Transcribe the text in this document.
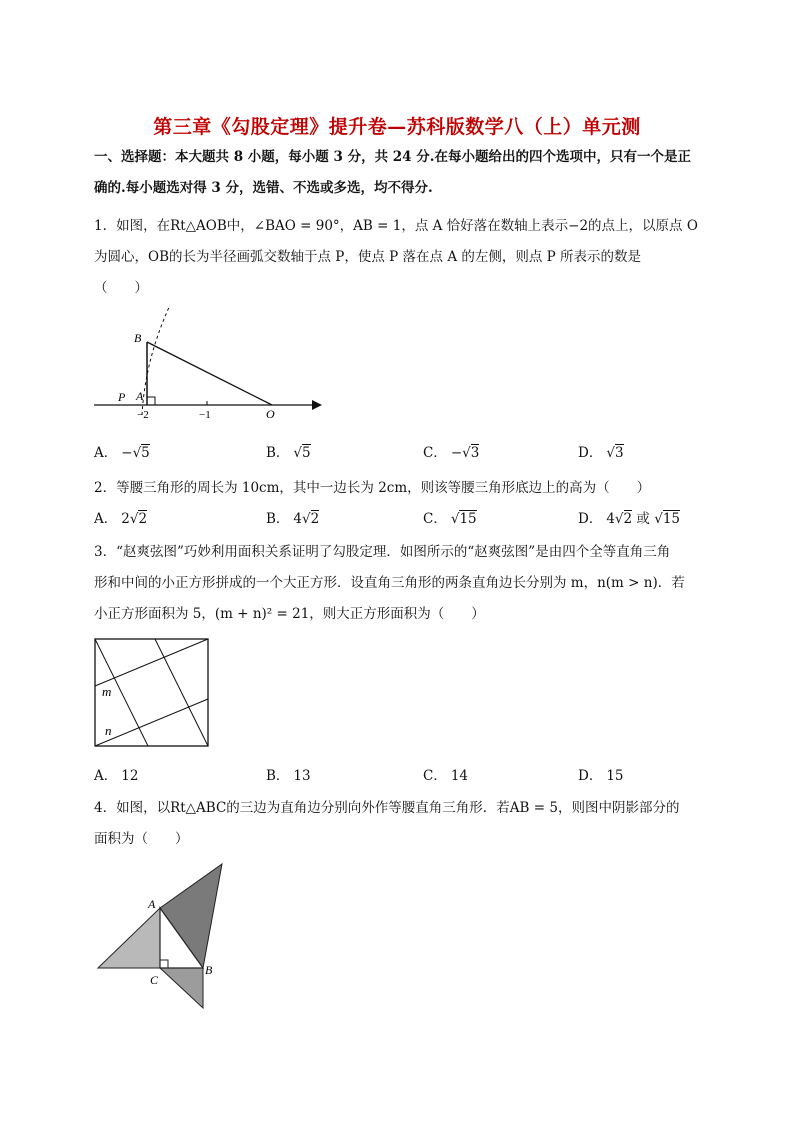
第三章《勾股定理》提升卷—苏科版数学八（上）单元测
一、选择题：本大题共 8 小题，每小题 3 分，共 24 分.在每小题给出的四个选项中，只有一个是正
确的.每小题选对得 3 分，选错、不选或多选，均不得分.
1．如图，在Rt△AOB中，∠BAO = 90°，AB = 1，点 A 恰好落在数轴上表示−2的点上，以原点 O
为圆心，OB的长为半径画弧交数轴于点 P，使点 P 落在点 A 的左侧，则点 P 所表示的数是
（　　）
B
P A
O
−2	−1
A． −√5	B． √5	C． −√3	D． √3
2．等腰三角形的周长为 10cm，其中一边长为 2cm，则该等腰三角形底边上的高为（　　）
A． 2√2	B． 4√2	C． √15	D． 4√2 或 √15
3．“赵爽弦图”巧妙利用面积关系证明了勾股定理．如图所示的“赵爽弦图”是由四个全等直角三角
形和中间的小正方形拼成的一个大正方形．设直角三角形的两条直角边长分别为 m，n(m > n)．若
小正方形面积为 5，(m + n)² = 21，则大正方形面积为（　　）
m
n
A． 12	B． 13	C． 14	D． 15
4．如图，以Rt△ABC的三边为直角边分别向外作等腰直角三角形．若AB = 5，则图中阴影部分的
面积为（　　）
A
B
C
